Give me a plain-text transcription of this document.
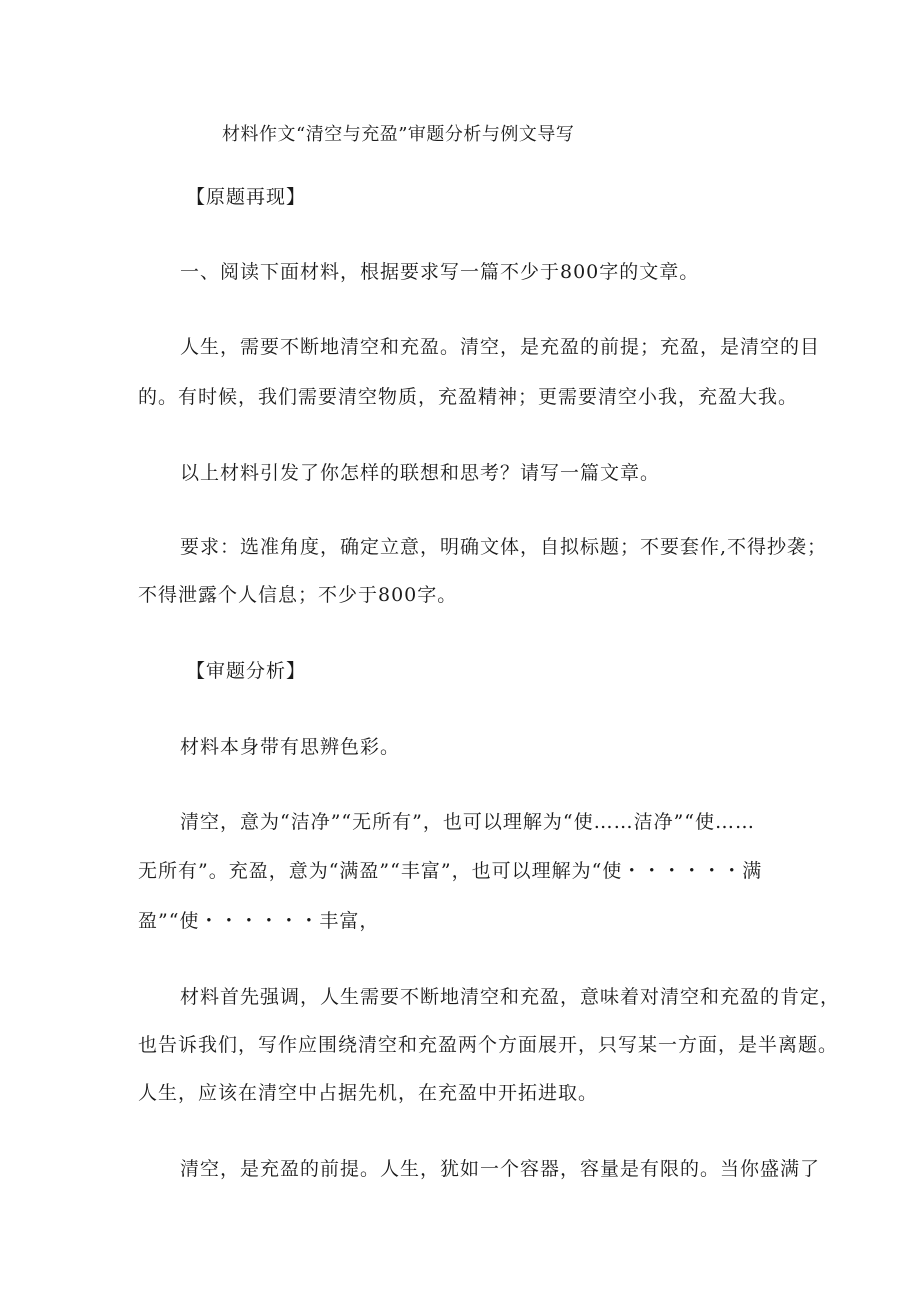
材料作文“清空与充盈”审题分析与例文导写
【原题再现】
一、阅读下面材料，根据要求写一篇不少于800字的文章。
人生，需要不断地清空和充盈。清空，是充盈的前提；充盈，是清空的目
的。有时候，我们需要清空物质，充盈精神；更需要清空小我，充盈大我。
以上材料引发了你怎样的联想和思考？请写一篇文章。
要求：选准角度，确定立意，明确文体，自拟标题；不要套作,不得抄袭；
不得泄露个人信息；不少于800字。
【审题分析】
材料本身带有思辨色彩。
清空，意为“洁净”“无所有”，也可以理解为“使……洁净”“使……
无所有”。充盈，意为“满盈”“丰富”，也可以理解为“使・・・・・・满
盈”“使・・・・・・丰富，
材料首先强调，人生需要不断地清空和充盈，意味着对清空和充盈的肯定，
也告诉我们，写作应围绕清空和充盈两个方面展开，只写某一方面，是半离题。
人生，应该在清空中占据先机，在充盈中开拓进取。
清空，是充盈的前提。人生，犹如一个容器，容量是有限的。当你盛满了
